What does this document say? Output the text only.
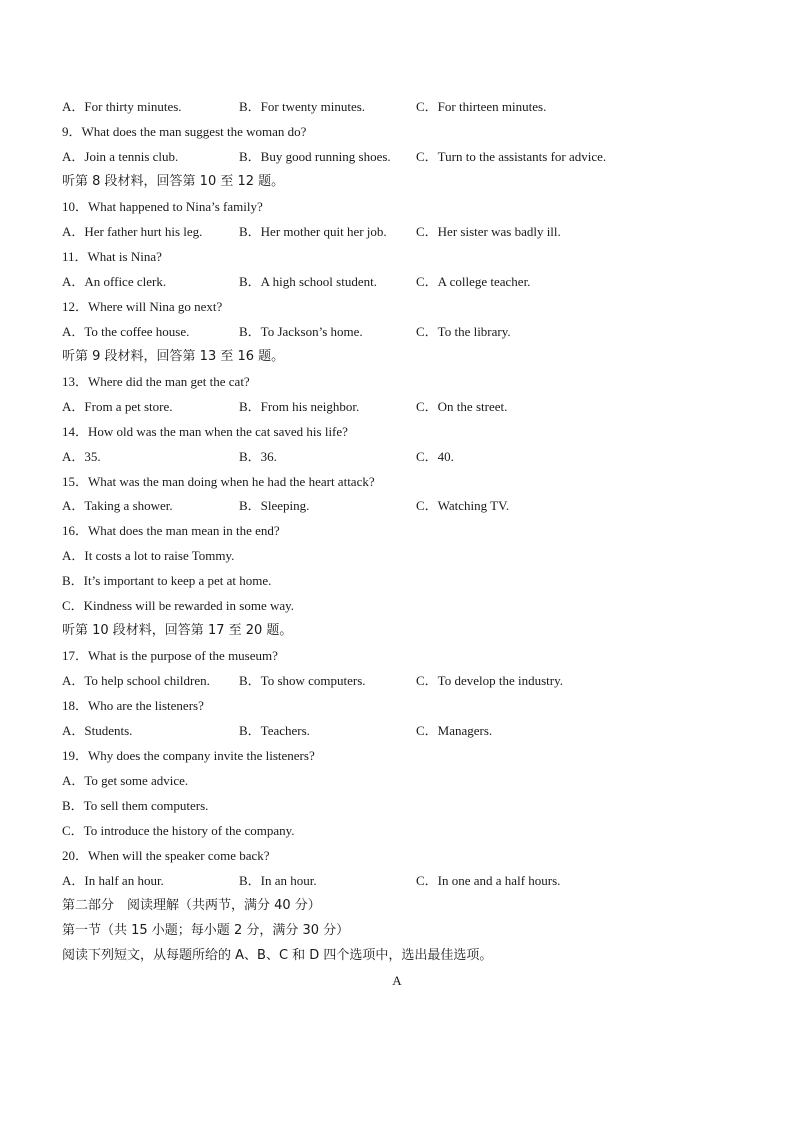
A．For thirty minutes.	B．For twenty minutes.	C．For thirteen minutes.
9．What does the man suggest the woman do?
A．Join a tennis club.	B．Buy good running shoes. C．Turn to the assistants for advice.
听第 8 段材料，回答第 10 至 12 题。
10．What happened to Nina’s family?
A．Her father hurt his leg.	B．Her mother quit her job. C．Her sister was badly ill.
11．What is Nina?
A．An office clerk.	B．A high school student.	C．A college teacher.
12．Where will Nina go next?
A．To the coffee house.	B．To Jackson’s home.	C．To the library.
听第 9 段材料，回答第 13 至 16 题。
13．Where did the man get the cat?
A．From a pet store.	B．From his neighbor.	C．On the street.
14．How old was the man when the cat saved his life?
A．35.	B．36.	C．40.
15．What was the man doing when he had the heart attack?
A．Taking a shower.	B．Sleeping.	C．Watching TV.
16．What does the man mean in the end?
A．It costs a lot to raise Tommy.
B．It’s important to keep a pet at home.
C．Kindness will be rewarded in some way.
听第 10 段材料，回答第 17 至 20 题。
17．What is the purpose of the museum?
A．To help school children. B．To show computers.	C．To develop the industry.
18．Who are the listeners?
A．Students.	B．Teachers.	C．Managers.
19．Why does the company invite the listeners?
A．To get some advice.
B．To sell them computers.
C．To introduce the history of the company.
20．When will the speaker come back?
A．In half an hour.	B．In an hour.	C．In one and a half hours.
第二部分　阅读理解（共两节，满分 40 分）
第一节（共 15 小题；每小题 2 分，满分 30 分）
阅读下列短文，从每题所给的 A、B、C 和 D 四个选项中，选出最佳选项。
A
